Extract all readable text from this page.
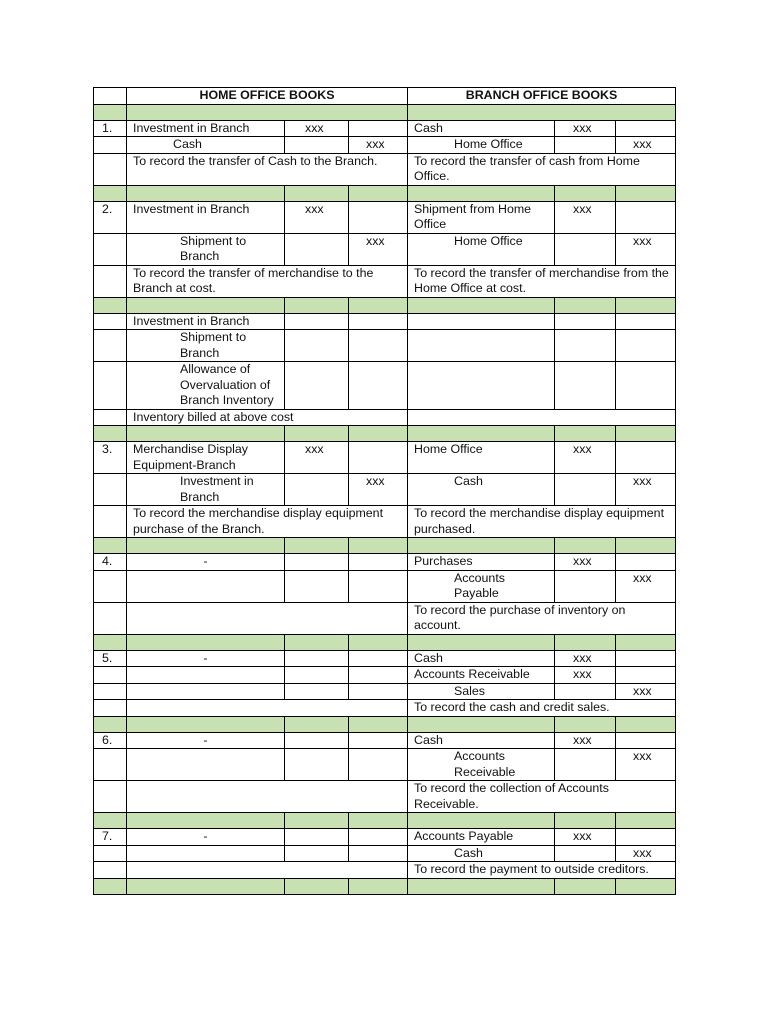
	HOME OFFICE BOOKS			BRANCH OFFICE BOOKS		

1.	Investment in Branch	xxx		Cash	xxx	
	Cash		xxx	Home Office		xxx
	To record the transfer of Cash to the Branch.			To record the transfer of cash from Home Office.		

2.	Investment in Branch	xxx		Shipment from Home Office	xxx	
	Shipment to Branch		xxx	Home Office		xxx
	To record the transfer of merchandise to the Branch at cost.			To record the transfer of merchandise from the Home Office at cost.		

	Investment in Branch					
	Shipment to Branch					
	Allowance of Overvaluation of Branch Inventory					
	Inventory billed at above cost					

3.	Merchandise Display Equipment-Branch	xxx		Home Office	xxx	
	Investment in Branch		xxx	Cash		xxx
	To record the merchandise display equipment purchase of the Branch.			To record the merchandise display equipment purchased.		

4.	-			Purchases	xxx	
				Accounts Payable		xxx
				To record the purchase of inventory on account.		

5.	-			Cash	xxx	
				Accounts Receivable	xxx	
				Sales		xxx
				To record the cash and credit sales.		

6.	-			Cash	xxx	
				Accounts Receivable		xxx
				To record the collection of Accounts Receivable.		

7.	-			Accounts Payable	xxx	
				Cash		xxx
				To record the payment to outside creditors.		
